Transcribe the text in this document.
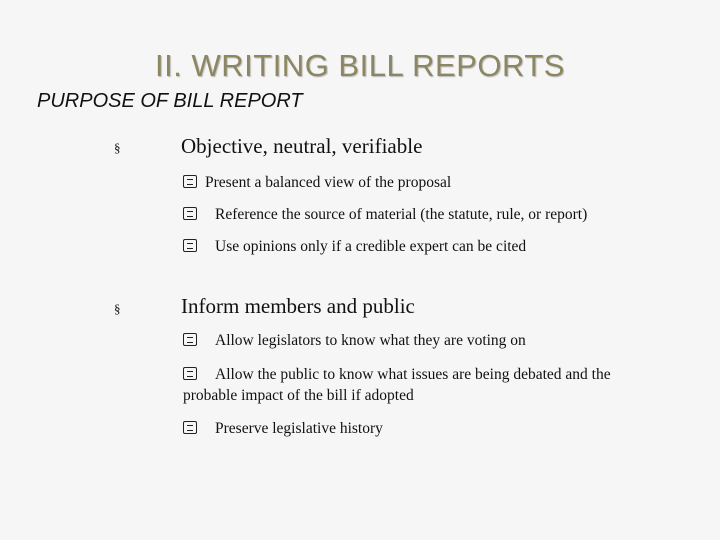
II. WRITING BILL REPORTS
PURPOSE OF BILL REPORT
§	Objective, neutral, verifiable
Present a balanced view of the proposal
Reference the source of material (the statute, rule, or report)
Use opinions only if a credible expert can be cited
§	Inform members and public
Allow legislators to know what they are voting on
Allow the public to know what issues are being debated and the probable impact of the bill if adopted
Preserve legislative history
